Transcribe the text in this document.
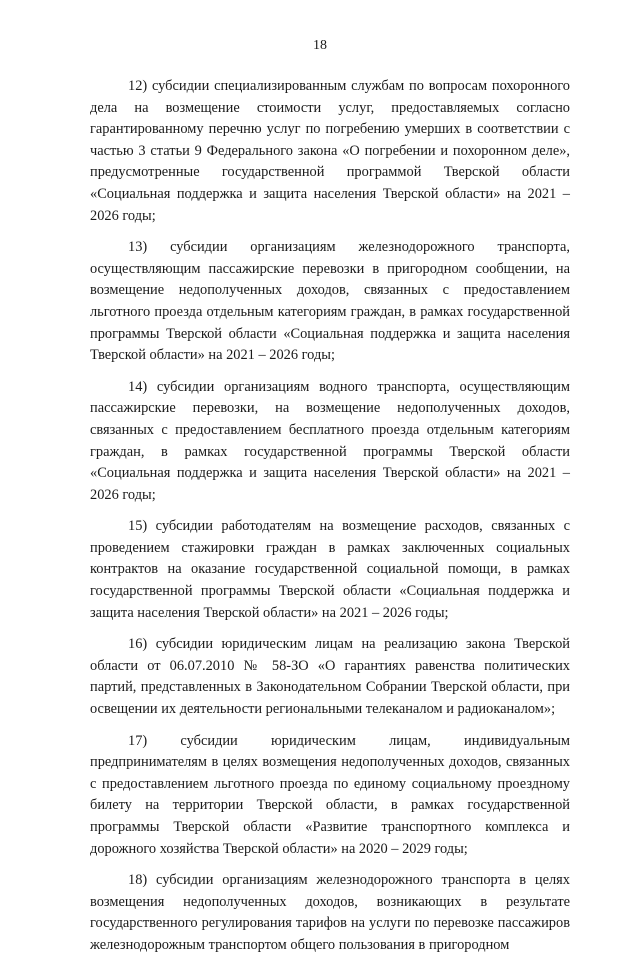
18

12) субсидии специализированным службам по вопросам похоронного дела на возмещение стоимости услуг, предоставляемых согласно гарантированному перечню услуг по погребению умерших в соответствии с частью 3 статьи 9 Федерального закона «О погребении и похоронном деле», предусмотренные государственной программой Тверской области «Социальная поддержка и защита населения Тверской области» на 2021 – 2026 годы;

13) субсидии организациям железнодорожного транспорта, осуществляющим пассажирские перевозки в пригородном сообщении, на возмещение недополученных доходов, связанных с предоставлением льготного проезда отдельным категориям граждан, в рамках государственной программы Тверской области «Социальная поддержка и защита населения Тверской области» на 2021 – 2026 годы;

14) субсидии организациям водного транспорта, осуществляющим пассажирские перевозки, на возмещение недополученных доходов, связанных с предоставлением бесплатного проезда отдельным категориям граждан, в рамках государственной программы Тверской области «Социальная поддержка и защита населения Тверской области» на 2021 – 2026 годы;

15) субсидии работодателям на возмещение расходов, связанных с проведением стажировки граждан в рамках заключенных социальных контрактов на оказание государственной социальной помощи, в рамках государственной программы Тверской области «Социальная поддержка и защита населения Тверской области» на 2021 – 2026 годы;

16) субсидии юридическим лицам на реализацию закона Тверской области от 06.07.2010 № 58-ЗО «О гарантиях равенства политических партий, представленных в Законодательном Собрании Тверской области, при освещении их деятельности региональными телеканалом и радиоканалом»;

17) субсидии юридическим лицам, индивидуальным предпринимателям в целях возмещения недополученных доходов, связанных с предоставлением льготного проезда по единому социальному проездному билету на территории Тверской области, в рамках государственной программы Тверской области «Развитие транспортного комплекса и дорожного хозяйства Тверской области» на 2020 – 2029 годы;

18) субсидии организациям железнодорожного транспорта в целях возмещения недополученных доходов, возникающих в результате государственного регулирования тарифов на услуги по перевозке пассажиров железнодорожным транспортом общего пользования в пригородном
